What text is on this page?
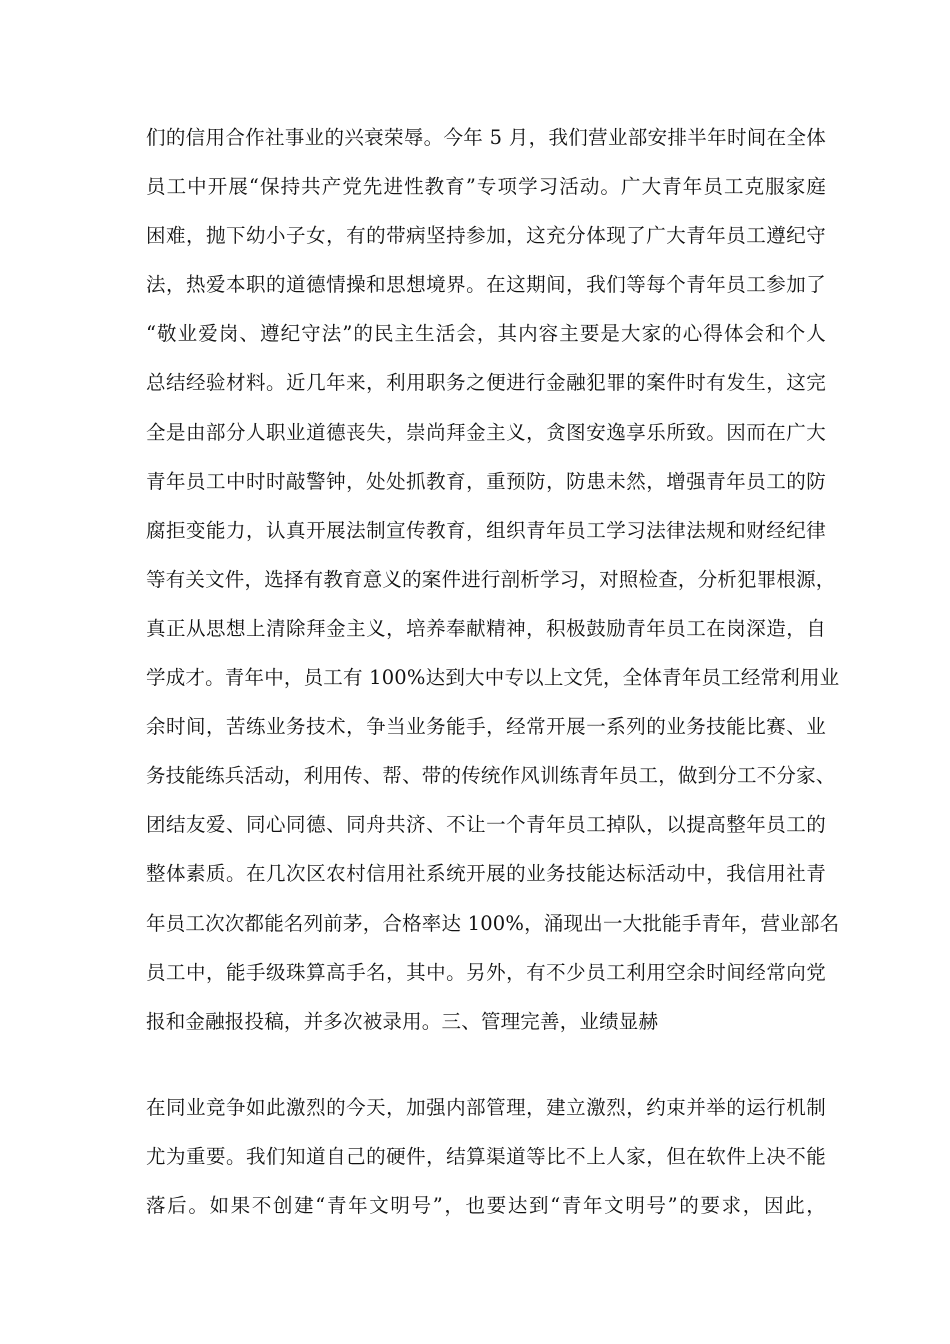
们的信用合作社事业的兴衰荣辱。今年 5 月，我们营业部安排半年时间在全体
员工中开展“保持共产党先进性教育”专项学习活动。广大青年员工克服家庭
困难，抛下幼小子女，有的带病坚持参加，这充分体现了广大青年员工遵纪守
法，热爱本职的道德情操和思想境界。在这期间，我们等每个青年员工参加了
“敬业爱岗、遵纪守法”的民主生活会，其内容主要是大家的心得体会和个人
总结经验材料。近几年来，利用职务之便进行金融犯罪的案件时有发生，这完
全是由部分人职业道德丧失，崇尚拜金主义，贪图安逸享乐所致。因而在广大
青年员工中时时敲警钟，处处抓教育，重预防，防患未然，增强青年员工的防
腐拒变能力，认真开展法制宣传教育，组织青年员工学习法律法规和财经纪律
等有关文件，选择有教育意义的案件进行剖析学习，对照检查，分析犯罪根源，
真正从思想上清除拜金主义，培养奉献精神，积极鼓励青年员工在岗深造，自
学成才。青年中，员工有 100%达到大中专以上文凭，全体青年员工经常利用业
余时间，苦练业务技术，争当业务能手，经常开展一系列的业务技能比赛、业
务技能练兵活动，利用传、帮、带的传统作风训练青年员工，做到分工不分家、
团结友爱、同心同德、同舟共济、不让一个青年员工掉队，以提高整年员工的
整体素质。在几次区农村信用社系统开展的业务技能达标活动中，我信用社青
年员工次次都能名列前茅，合格率达 100%，涌现出一大批能手青年，营业部名
员工中，能手级珠算高手名，其中。另外，有不少员工利用空余时间经常向党
报和金融报投稿，并多次被录用。三、管理完善，业绩显赫
在同业竞争如此激烈的今天，加强内部管理，建立激烈，约束并举的运行机制
尤为重要。我们知道自己的硬件，结算渠道等比不上人家，但在软件上决不能
落后。如果不创建“青年文明号”，也要达到“青年文明号”的要求，因此，
